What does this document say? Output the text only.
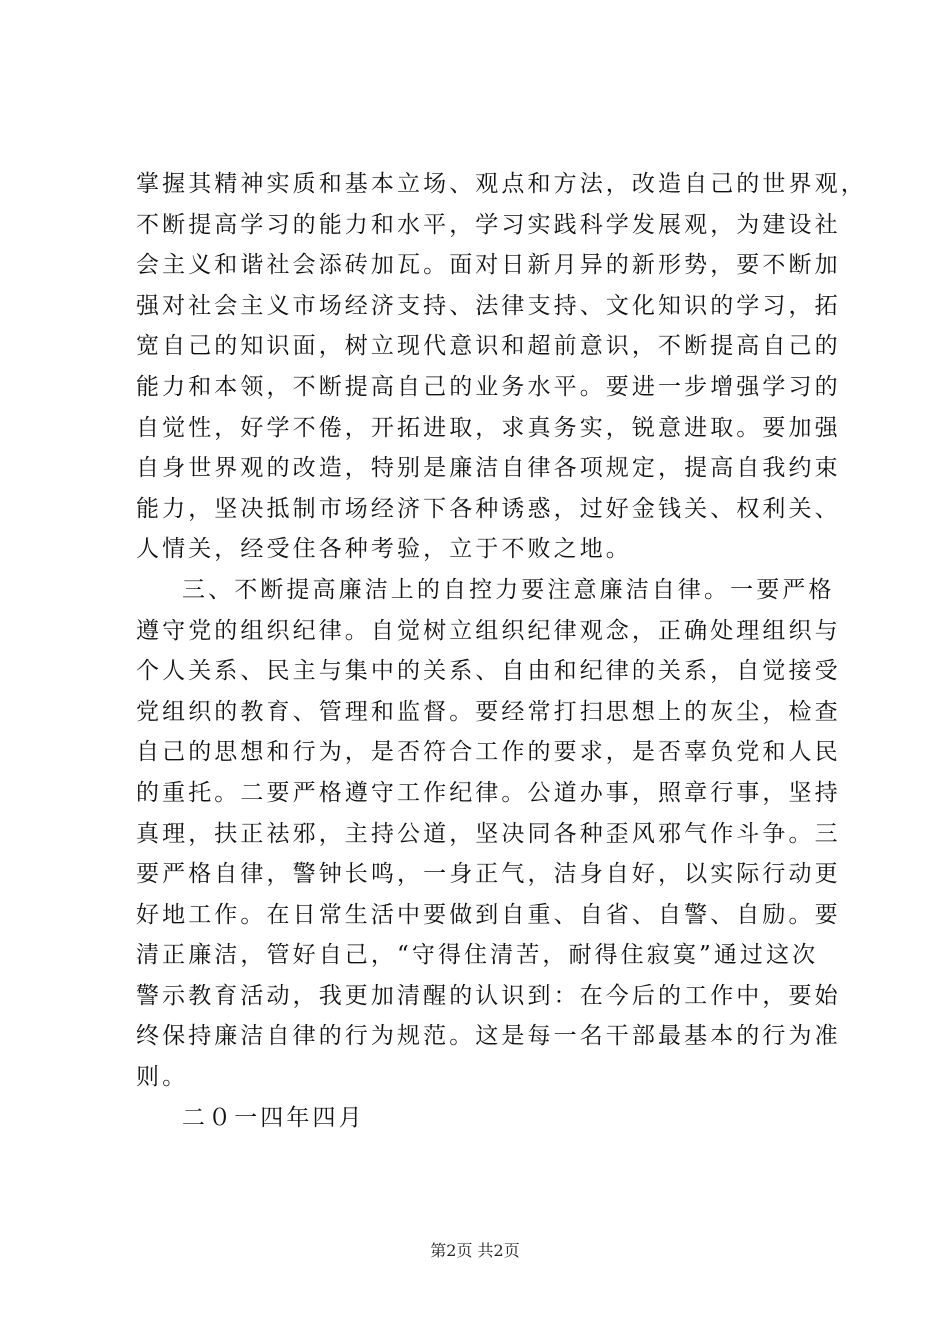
掌握其精神实质和基本立场、观点和方法，改造自己的世界观，
不断提高学习的能力和水平，学习实践科学发展观，为建设社
会主义和谐社会添砖加瓦。面对日新月异的新形势，要不断加
强对社会主义市场经济支持、法律支持、文化知识的学习，拓
宽自己的知识面，树立现代意识和超前意识，不断提高自己的
能力和本领，不断提高自己的业务水平。要进一步增强学习的
自觉性，好学不倦，开拓进取，求真务实，锐意进取。要加强
自身世界观的改造，特别是廉洁自律各项规定，提高自我约束
能力，坚决抵制市场经济下各种诱惑，过好金钱关、权利关、
人情关，经受住各种考验，立于不败之地。
三、不断提高廉洁上的自控力要注意廉洁自律。一要严格
遵守党的组织纪律。自觉树立组织纪律观念，正确处理组织与
个人关系、民主与集中的关系、自由和纪律的关系，自觉接受
党组织的教育、管理和监督。要经常打扫思想上的灰尘，检查
自己的思想和行为，是否符合工作的要求，是否辜负党和人民
的重托。二要严格遵守工作纪律。公道办事，照章行事，坚持
真理，扶正祛邪，主持公道，坚决同各种歪风邪气作斗争。三
要严格自律，警钟长鸣，一身正气，洁身自好，以实际行动更
好地工作。在日常生活中要做到自重、自省、自警、自励。要
清正廉洁，管好自己，“守得住清苦，耐得住寂寞”通过这次
警示教育活动，我更加清醒的认识到：在今后的工作中，要始
终保持廉洁自律的行为规范。这是每一名干部最基本的行为准
则。
二０一四年四月
第2页 共2页
